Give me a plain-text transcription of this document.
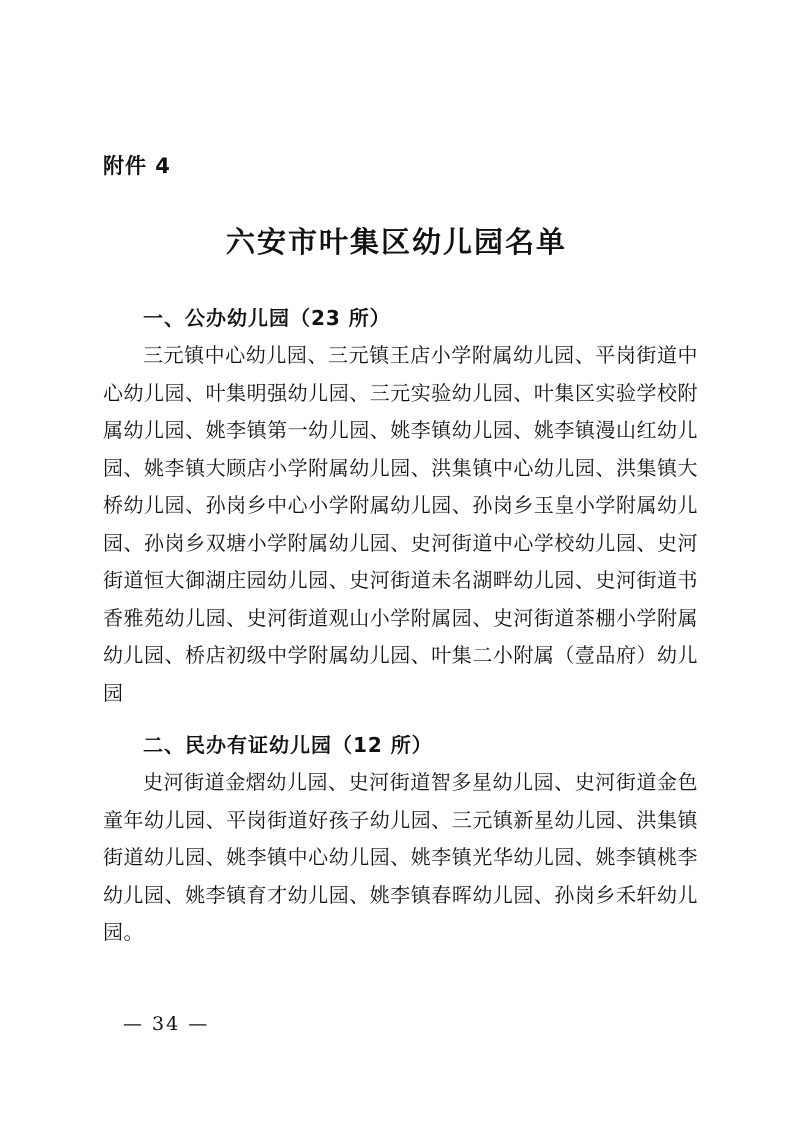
附件 4
六安市叶集区幼儿园名单
一、公办幼儿园（23 所）
三元镇中心幼儿园、三元镇王店小学附属幼儿园、平岗街道中心幼儿园、叶集明强幼儿园、三元实验幼儿园、叶集区实验学校附属幼儿园、姚李镇第一幼儿园、姚李镇幼儿园、姚李镇漫山红幼儿园、姚李镇大顾店小学附属幼儿园、洪集镇中心幼儿园、洪集镇大桥幼儿园、孙岗乡中心小学附属幼儿园、孙岗乡玉皇小学附属幼儿园、孙岗乡双塘小学附属幼儿园、史河街道中心学校幼儿园、史河街道恒大御湖庄园幼儿园、史河街道未名湖畔幼儿园、史河街道书香雅苑幼儿园、史河街道观山小学附属园、史河街道茶棚小学附属幼儿园、桥店初级中学附属幼儿园、叶集二小附属（壹品府）幼儿园
二、民办有证幼儿园（12 所）
史河街道金熠幼儿园、史河街道智多星幼儿园、史河街道金色童年幼儿园、平岗街道好孩子幼儿园、三元镇新星幼儿园、洪集镇街道幼儿园、姚李镇中心幼儿园、姚李镇光华幼儿园、姚李镇桃李幼儿园、姚李镇育才幼儿园、姚李镇春晖幼儿园、孙岗乡禾轩幼儿园。
— 34 —
